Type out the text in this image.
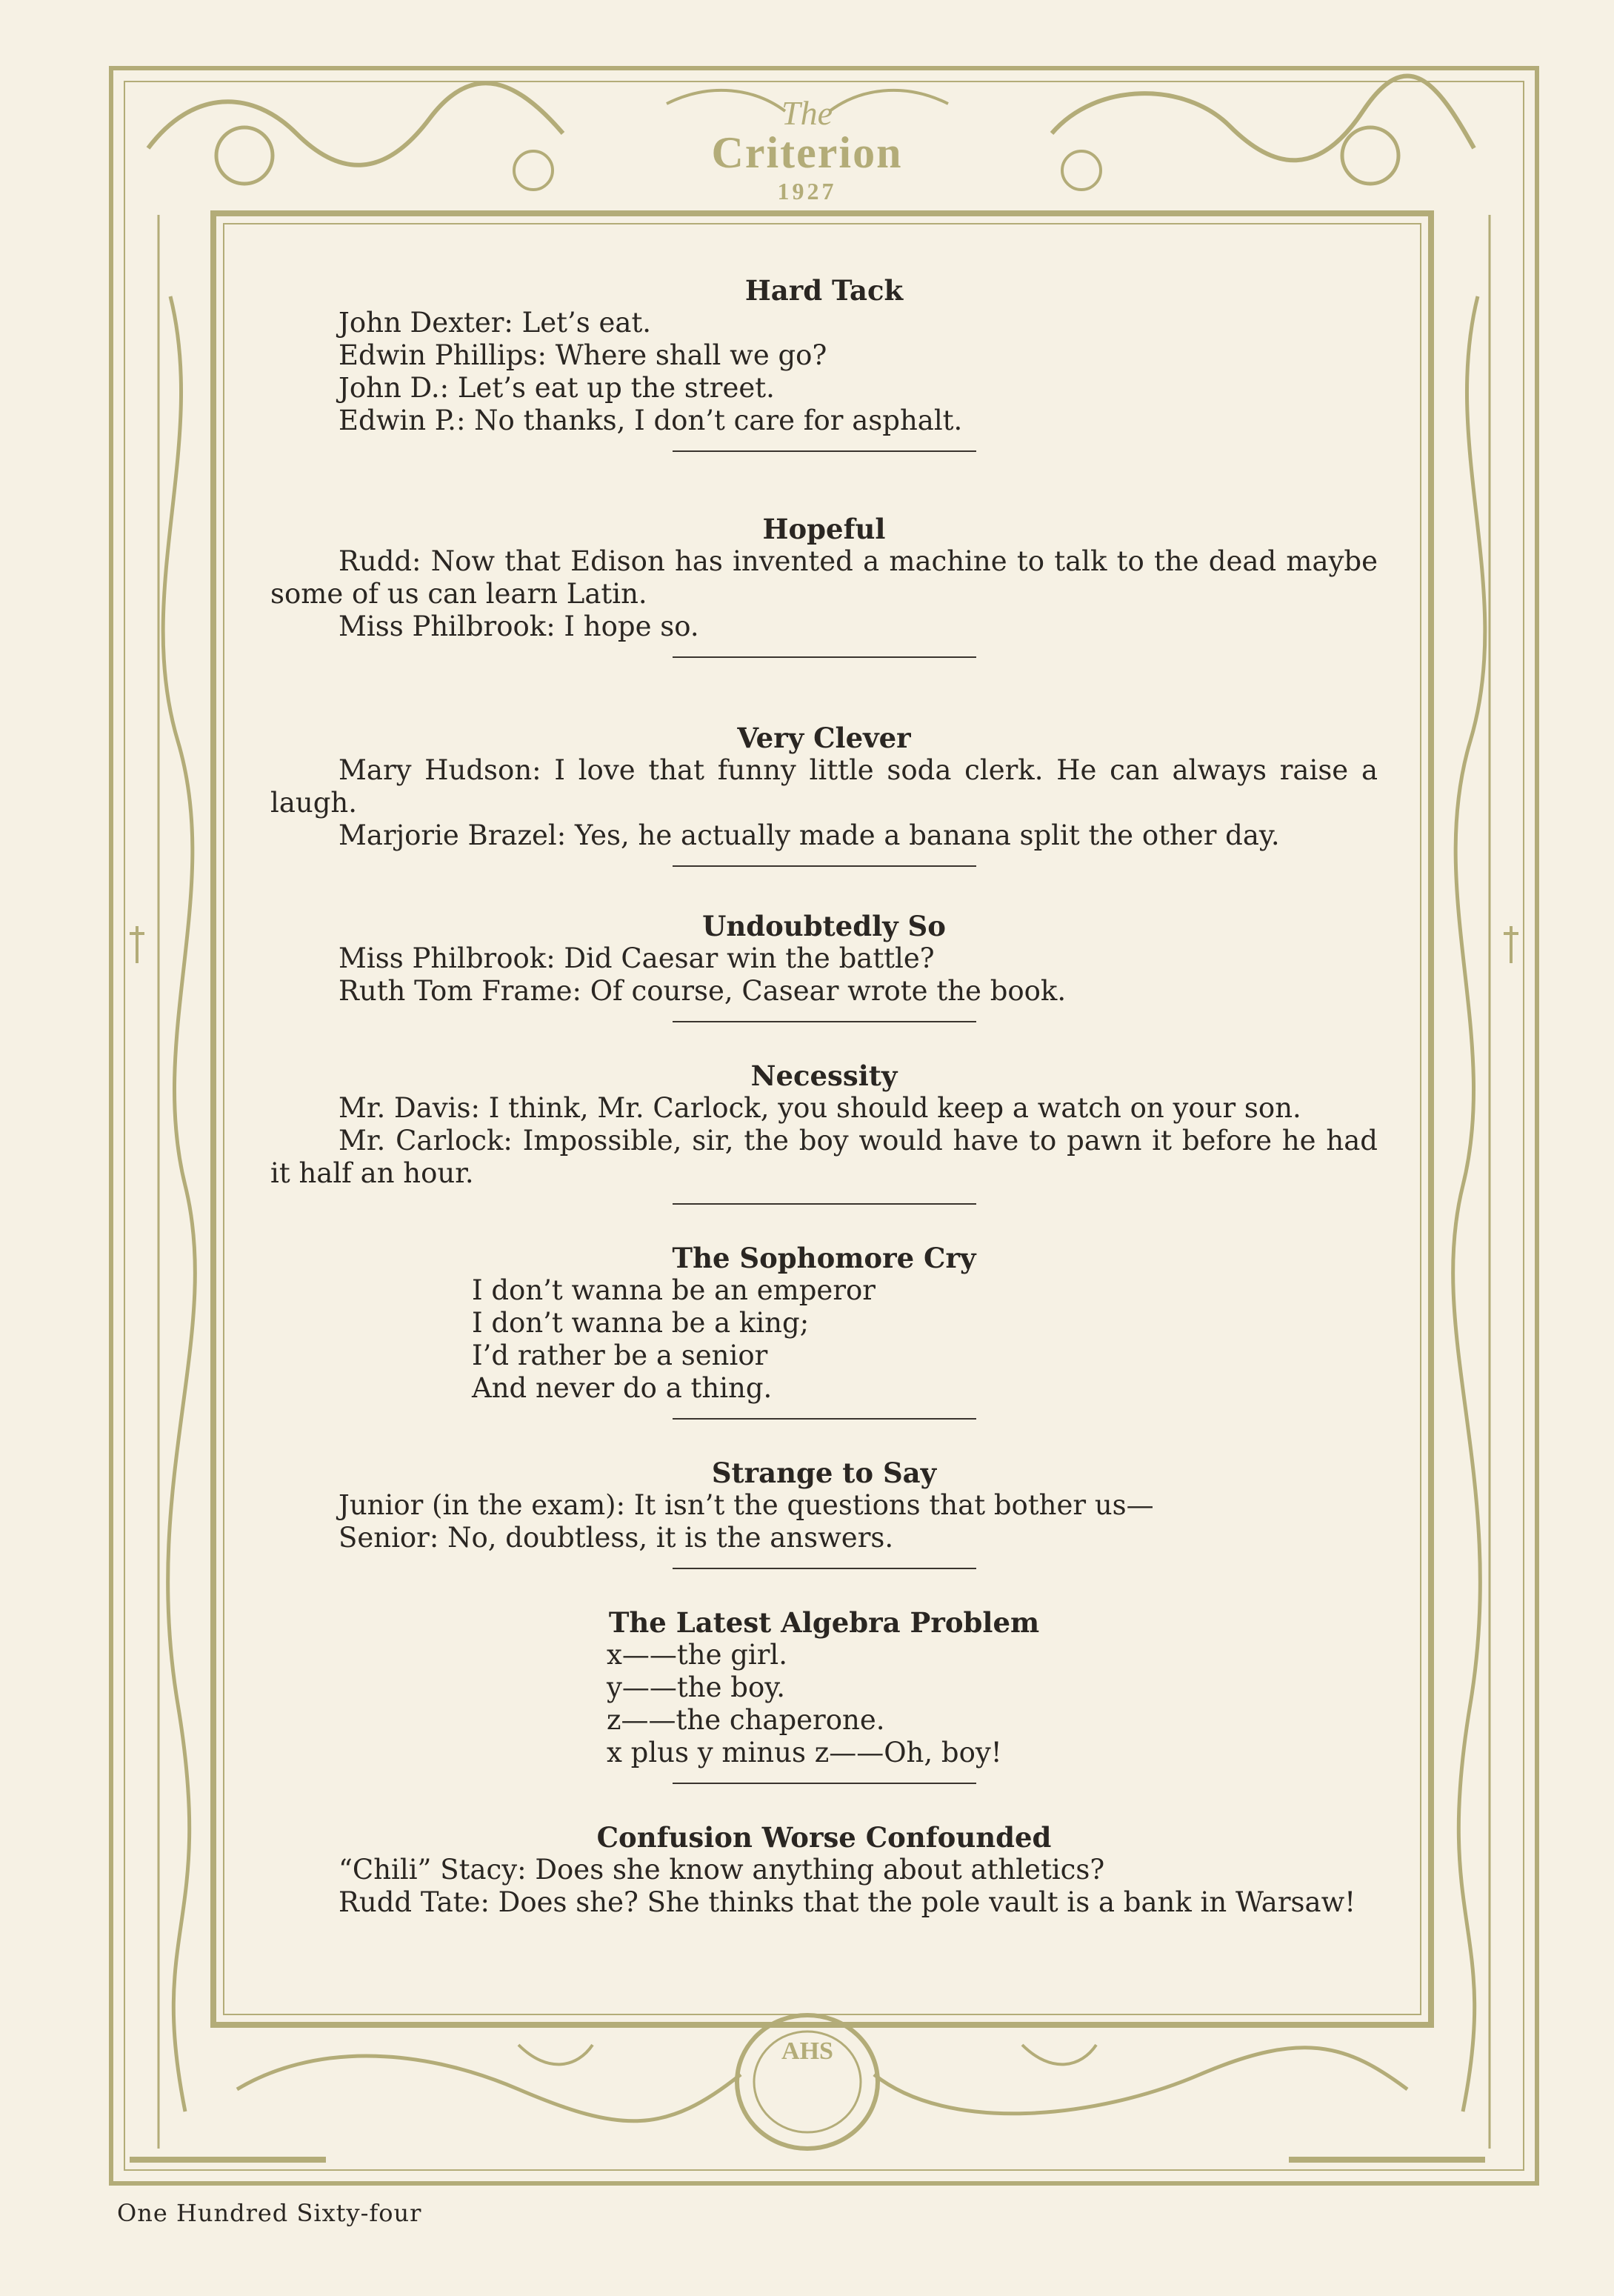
The
Criterion
1927
AHS

Hard Tack

John Dexter: Let’s eat.

Edwin Phillips: Where shall we go?

John D.: Let’s eat up the street.

Edwin P.: No thanks, I don’t care for asphalt.

Hopeful

Rudd: Now that Edison has invented a machine to talk to the dead maybe some of us can learn Latin.

Miss Philbrook: I hope so.

Very Clever

Mary Hudson: I love that funny little soda clerk. He can always raise a laugh.

Marjorie Brazel: Yes, he actually made a banana split the other day.

Undoubtedly So

Miss Philbrook: Did Caesar win the battle?

Ruth Tom Frame: Of course, Casear wrote the book.

Necessity

Mr. Davis: I think, Mr. Carlock, you should keep a watch on your son.

Mr. Carlock: Impossible, sir, the boy would have to pawn it before he had it half an hour.

The Sophomore Cry

I don’t wanna be an emperor

I don’t wanna be a king;

I’d rather be a senior

And never do a thing.

Strange to Say

Junior (in the exam): It isn’t the questions that bother us—

Senior: No, doubtless, it is the answers.

The Latest Algebra Problem

x——the girl.

y——the boy.

z——the chaperone.

x plus y minus z——Oh, boy!

Confusion Worse Confounded

“Chili” Stacy: Does she know anything about athletics?

Rudd Tate: Does she? She thinks that the pole vault is a bank in Warsaw!

One Hundred Sixty-four
